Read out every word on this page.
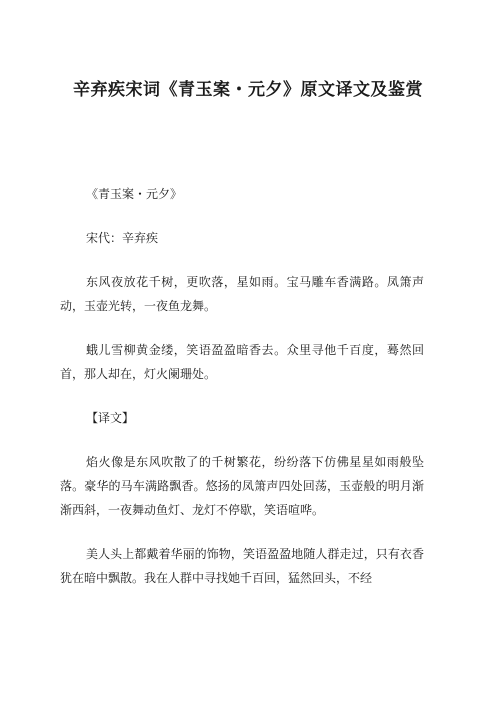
辛弃疾宋词《青玉案・元夕》原文译文及鉴赏

《青玉案・元夕》

宋代：辛弃疾

东风夜放花千树，更吹落，星如雨。宝马雕车香满路。凤箫声动，玉壶光转，一夜鱼龙舞。

蛾儿雪柳黄金缕，笑语盈盈暗香去。众里寻他千百度，蓦然回首，那人却在，灯火阑珊处。

【译文】

焰火像是东风吹散了的千树繁花，纷纷落下仿佛星星如雨般坠落。豪华的马车满路飘香。悠扬的凤箫声四处回荡，玉壶般的明月渐渐西斜，一夜舞动鱼灯、龙灯不停歇，笑语喧哗。

美人头上都戴着华丽的饰物，笑语盈盈地随人群走过，只有衣香犹在暗中飘散。我在人群中寻找她千百回，猛然回头，不经
